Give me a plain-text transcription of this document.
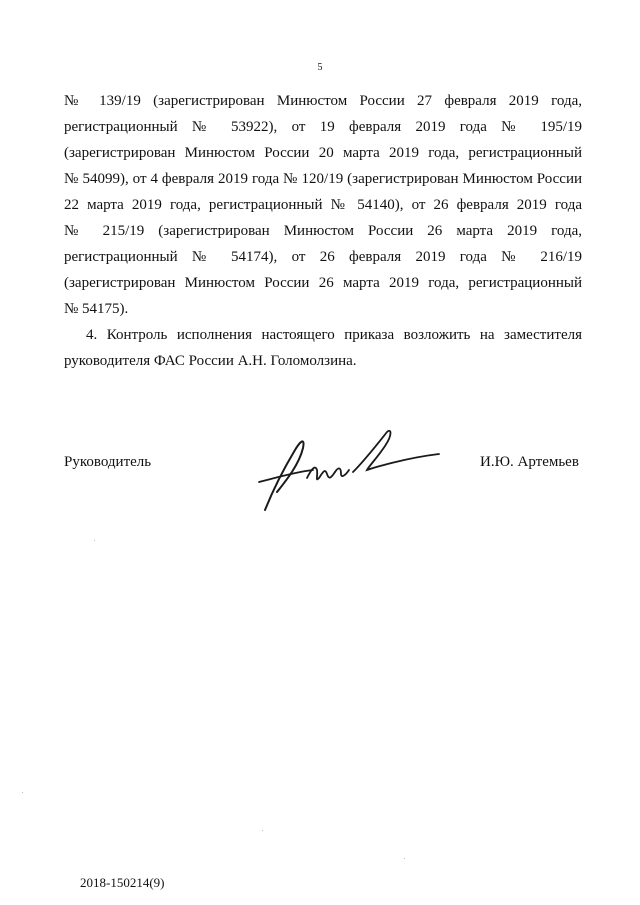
5
№ 139/19 (зарегистрирован Минюстом России 27 февраля 2019 года,
регистрационный № 53922), от 19 февраля 2019 года № 195/19
(зарегистрирован Минюстом России 20 марта 2019 года, регистрационный
№ 54099), от 4 февраля 2019 года № 120/19 (зарегистрирован Минюстом России
22 марта 2019 года, регистрационный № 54140), от 26 февраля 2019 года
№ 215/19 (зарегистрирован Минюстом России 26 марта 2019 года,
регистрационный № 54174), от 26 февраля 2019 года № 216/19
(зарегистрирован Минюстом России 26 марта 2019 года, регистрационный
№ 54175).
4. Контроль исполнения настоящего приказа возложить на заместителя
руководителя ФАС России А.Н. Голомолзина.
Руководитель	И.Ю. Артемьев
2018-150214(9)
